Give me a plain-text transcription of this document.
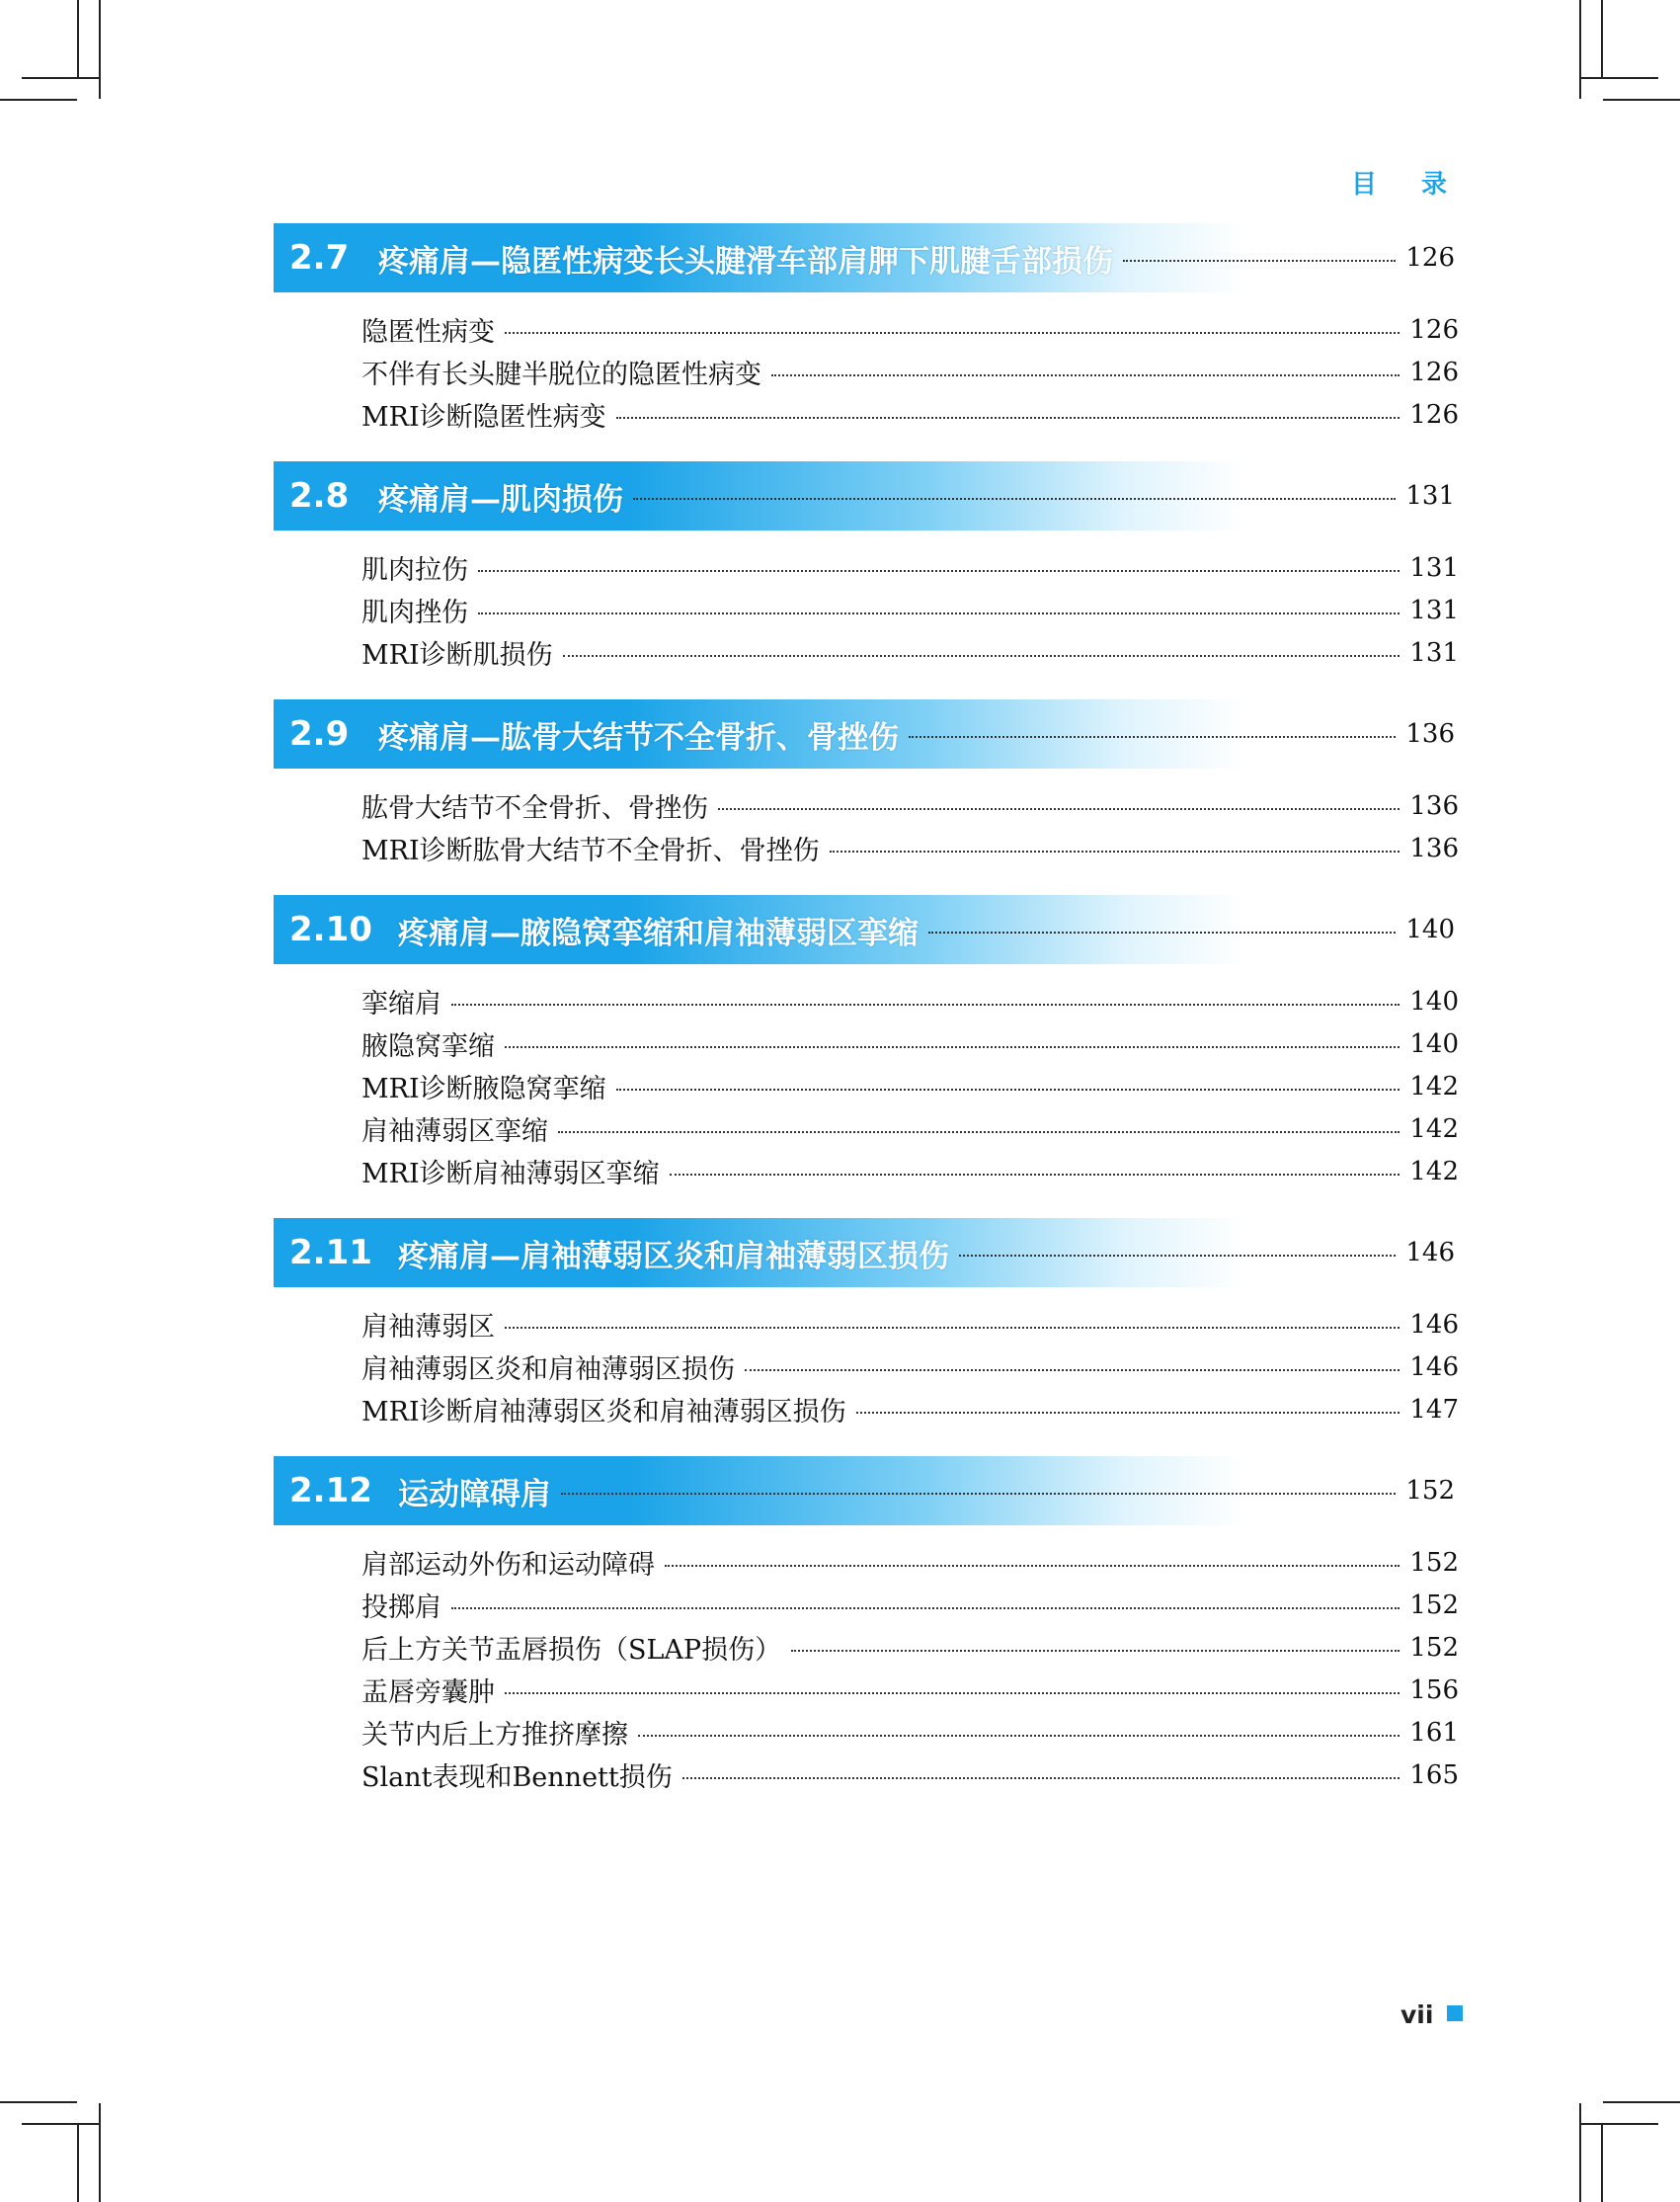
目 录
2.7 疼痛肩—隐匿性病变长头腱滑车部肩胛下肌腱舌部损伤	126
隐匿性病变	126
不伴有长头腱半脱位的隐匿性病变	126
MRI诊断隐匿性病变	126
2.8 疼痛肩—肌肉损伤	131
肌肉拉伤	131
肌肉挫伤	131
MRI诊断肌损伤	131
2.9 疼痛肩—肱骨大结节不全骨折、骨挫伤	136
肱骨大结节不全骨折、骨挫伤	136
MRI诊断肱骨大结节不全骨折、骨挫伤	136
2.10 疼痛肩—腋隐窝挛缩和肩袖薄弱区挛缩	140
挛缩肩	140
腋隐窝挛缩	140
MRI诊断腋隐窝挛缩	142
肩袖薄弱区挛缩	142
MRI诊断肩袖薄弱区挛缩	142
2.11 疼痛肩—肩袖薄弱区炎和肩袖薄弱区损伤	146
肩袖薄弱区	146
肩袖薄弱区炎和肩袖薄弱区损伤	146
MRI诊断肩袖薄弱区炎和肩袖薄弱区损伤	147
2.12 运动障碍肩	152
肩部运动外伤和运动障碍	152
投掷肩	152
后上方关节盂唇损伤（SLAP损伤）	152
盂唇旁囊肿	156
关节内后上方推挤摩擦	161
Slant表现和Bennett损伤	165
vii
